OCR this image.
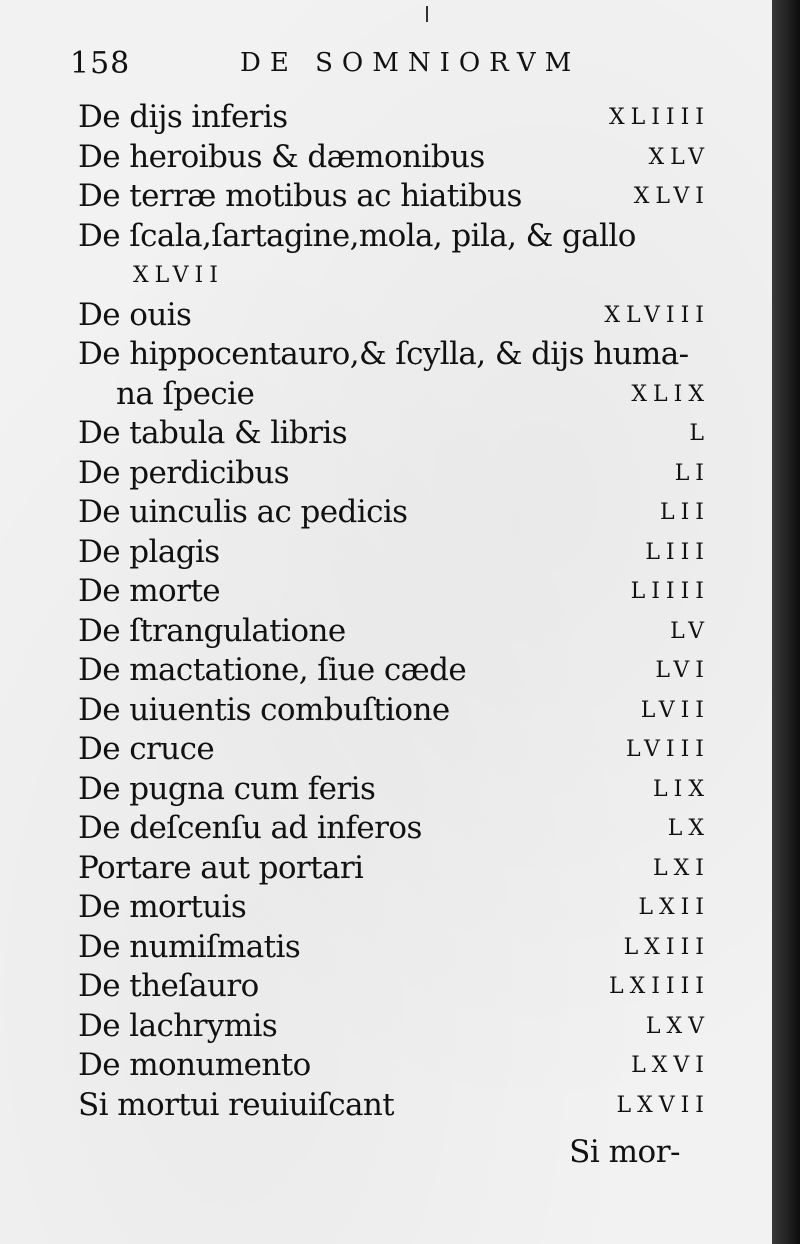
158	DE SOMNIORVM
De dijs inferis	XLIIII
De heroibus & dæmonibus	XLV
De terræ motibus ac hiatibus	XLVI
De ſcala,ſartagine,mola, pila, & gallo
XLVII
De ouis	XLVIII
De hippocentauro,& ſcylla, & dijs huma-
na ſpecie	XLIX
De tabula & libris	L
De perdicibus	LI
De uinculis ac pedicis	LII
De plagis	LIII
De morte	LIIII
De ſtrangulatione	LV
De mactatione, ſiue cæde	LVI
De uiuentis combuſtione	LVII
De cruce	LVIII
De pugna cum feris	LIX
De deſcenſu ad inferos	LX
Portare aut portari	LXI
De mortuis	LXII
De numiſmatis	LXIII
De theſauro	LXIIII
De lachrymis	LXV
De monumento	LXVI
Si mortui reuiuiſcant	LXVII
Si mor-
